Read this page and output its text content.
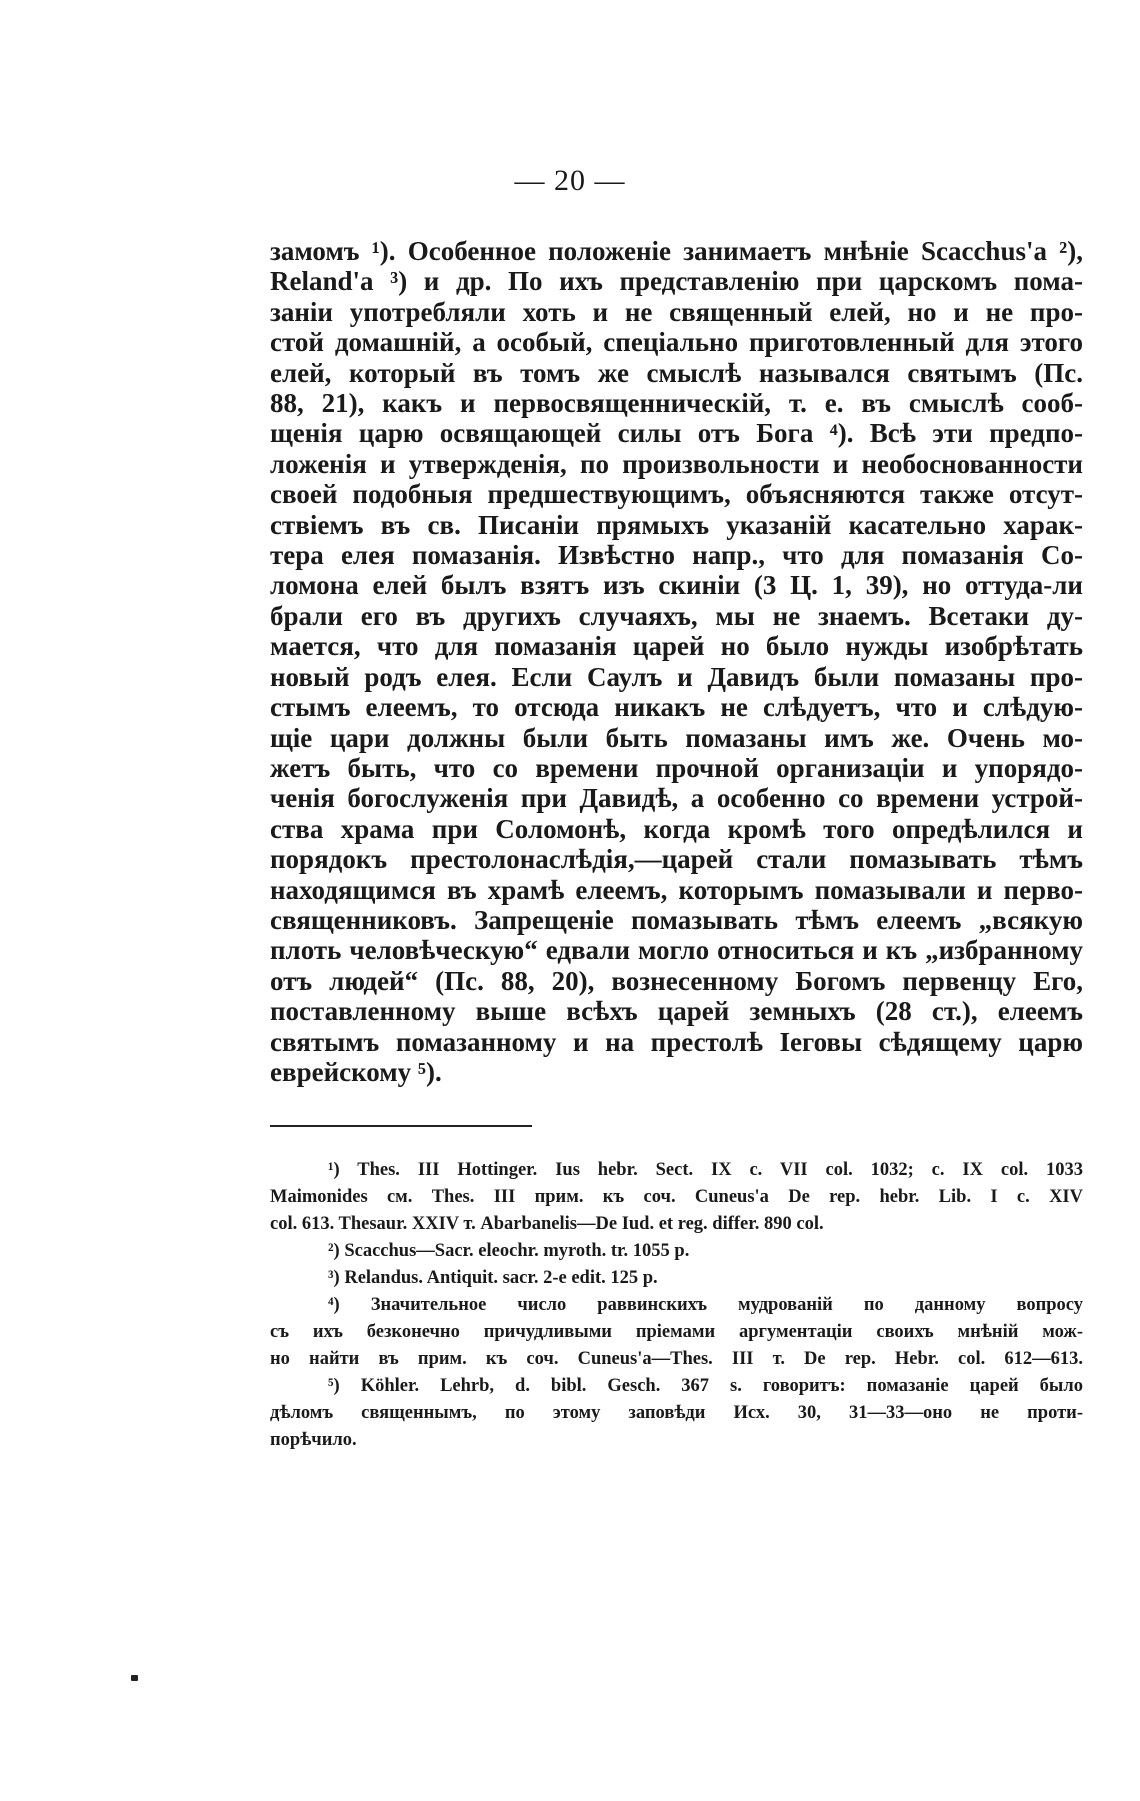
— 20 —
замомъ ¹). Особенное положеніе занимаетъ мнѣніе Scacchus'а ²),
Reland'а ³) и др. По ихъ представленію при царскомъ пома-
заніи употребляли хоть и не священный елей, но и не про-
стой домашній, а особый, спеціально приготовленный для этого
елей, который въ томъ же смыслѣ назывался святымъ (Пс.
88, 21), какъ и первосвященническій, т. е. въ смыслѣ сооб-
щенія царю освящающей силы отъ Бога ⁴). Всѣ эти предпо-
ложенія и утвержденія, по произвольности и необоснованности
своей подобныя предшествующимъ, объясняются также отсут-
ствіемъ въ св. Писаніи прямыхъ указаній касательно харак-
тера елея помазанія. Извѣстно напр., что для помазанія Со-
ломона елей былъ взятъ изъ скиніи (3 Ц. 1, 39), но оттуда-ли
брали его въ другихъ случаяхъ, мы не знаемъ. Всетаки ду-
мается, что для помазанія царей но было нужды изобрѣтать
новый родъ елея. Если Саулъ и Давидъ были помазаны про-
стымъ елеемъ, то отсюда никакъ не слѣдуетъ, что и слѣдую-
щіе цари должны были быть помазаны имъ же. Очень мо-
жетъ быть, что со времени прочной организаціи и упорядо-
ченія богослуженія при Давидѣ, а особенно со времени устрой-
ства храма при Соломонѣ, когда кромѣ того опредѣлился и
порядокъ престолонаслѣдія,—царей стали помазывать тѣмъ
находящимся въ храмѣ елеемъ, которымъ помазывали и перво-
священниковъ. Запрещеніе помазывать тѣмъ елеемъ „всякую
плоть человѣческую“ едвали могло относиться и къ „избранному
отъ людей“ (Пс. 88, 20), вознесенному Богомъ первенцу Его,
поставленному выше всѣхъ царей земныхъ (28 ст.), елеемъ
святымъ помазанному и на престолѣ Іеговы сѣдящему царю
еврейскому ⁵).
¹) Thes. III Hottinger. Ius hebr. Sect. IX c. VII col. 1032; c. IX col. 1033
Maimonides см. Thes. III прим. къ соч. Cuneus'а De rep. hebr. Lib. I c. XIV
col. 613. Thesaur. XXIV т. Abarbanelis—De Iud. et reg. differ. 890 col.
²) Scacchus—Sacr. eleochr. myroth. tr. 1055 p.
³) Relandus. Antiquit. sacr. 2-е edit. 125 p.
⁴) Значительное число раввинскихъ мудрованій по данному вопросу
съ ихъ безконечно причудливыми пріемами аргументаціи своихъ мнѣній мож-
но найти въ прим. къ соч. Cuneus'а—Thes. III т. De rep. Hebr. col. 612—613.
⁵) Köhler. Lehrb, d. bibl. Gesch. 367 s. говоритъ: помазаніе царей было
дѣломъ священнымъ, по этому заповѣди Исх. 30, 31—33—оно не проти-
порѣчило.
